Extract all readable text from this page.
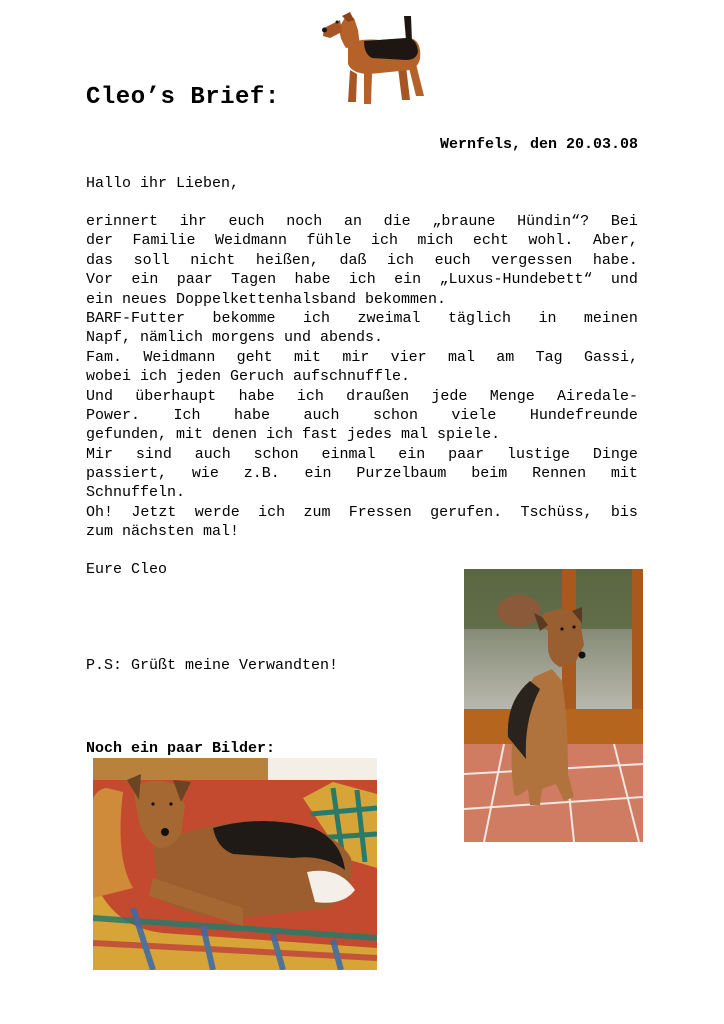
Cleo’s Brief:
Wernfels, den 20.03.08
Hallo ihr Lieben,
erinnert ihr euch noch an die „braune Hündin“? Bei
der Familie Weidmann fühle ich mich echt wohl. Aber,
das soll nicht heißen, daß ich euch vergessen habe.
Vor ein paar Tagen habe ich ein „Luxus-Hundebett“ und
ein neues Doppelkettenhalsband bekommen.
BARF-Futter bekomme ich zweimal täglich in meinen
Napf, nämlich morgens und abends.
Fam. Weidmann geht mit mir vier mal am Tag Gassi,
wobei ich jeden Geruch aufschnuffle.
Und überhaupt habe ich draußen jede Menge Airedale-
Power. Ich habe auch schon viele Hundefreunde
gefunden, mit denen ich fast jedes mal spiele.
Mir sind auch schon einmal ein paar lustige Dinge
passiert, wie z.B. ein Purzelbaum beim Rennen mit
Schnuffeln.
Oh! Jetzt werde ich zum Fressen gerufen. Tschüss, bis
zum nächsten mal!
Eure Cleo
P.S: Grüßt meine Verwandten!
Noch ein paar Bilder:
